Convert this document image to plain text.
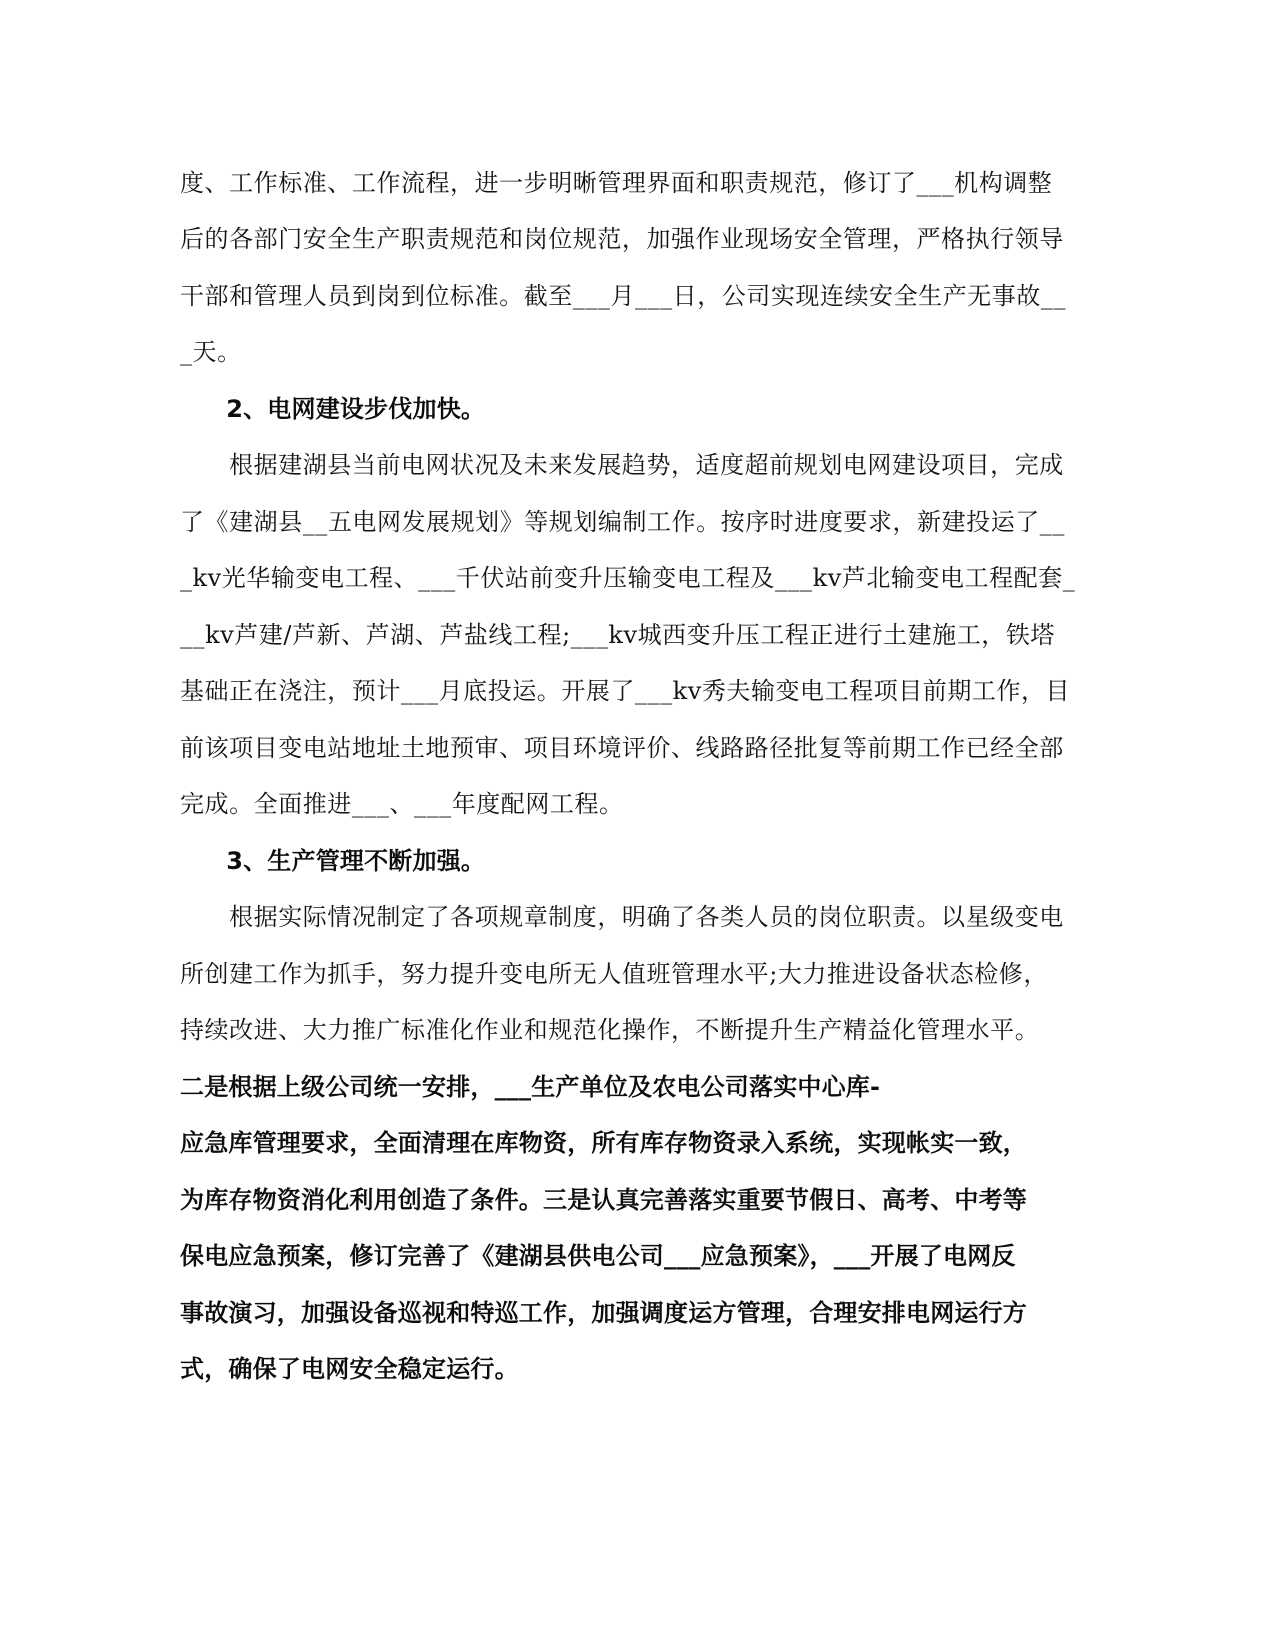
度、工作标准、工作流程，进一步明晰管理界面和职责规范，修订了___机构调整

后的各部门安全生产职责规范和岗位规范，加强作业现场安全管理，严格执行领导

干部和管理人员到岗到位标准。截至___月___日，公司实现连续安全生产无事故__

_天。

　2、电网建设步伐加快。

　　根据建湖县当前电网状况及未来发展趋势，适度超前规划电网建设项目，完成

了《建湖县__五电网发展规划》等规划编制工作。按序时进度要求，新建投运了__

_kv光华输变电工程、___千伏站前变升压输变电工程及___kv芦北输变电工程配套_

__kv芦建/芦新、芦湖、芦盐线工程;___kv城西变升压工程正进行土建施工，铁塔

基础正在浇注，预计___月底投运。开展了___kv秀夫输变电工程项目前期工作，目

前该项目变电站地址土地预审、项目环境评价、线路路径批复等前期工作已经全部

完成。全面推进___、___年度配网工程。

　3、生产管理不断加强。

　　根据实际情况制定了各项规章制度，明确了各类人员的岗位职责。以星级变电

所创建工作为抓手，努力提升变电所无人值班管理水平;大力推进设备状态检修，

持续改进、大力推广标准化作业和规范化操作，不断提升生产精益化管理水平。

二是根据上级公司统一安排，___生产单位及农电公司落实中心库-

应急库管理要求，全面清理在库物资，所有库存物资录入系统，实现帐实一致，

为库存物资消化利用创造了条件。三是认真完善落实重要节假日、高考、中考等

保电应急预案，修订完善了《建湖县供电公司___应急预案》，___开展了电网反

事故演习，加强设备巡视和特巡工作，加强调度运方管理，合理安排电网运行方

式，确保了电网安全稳定运行。
